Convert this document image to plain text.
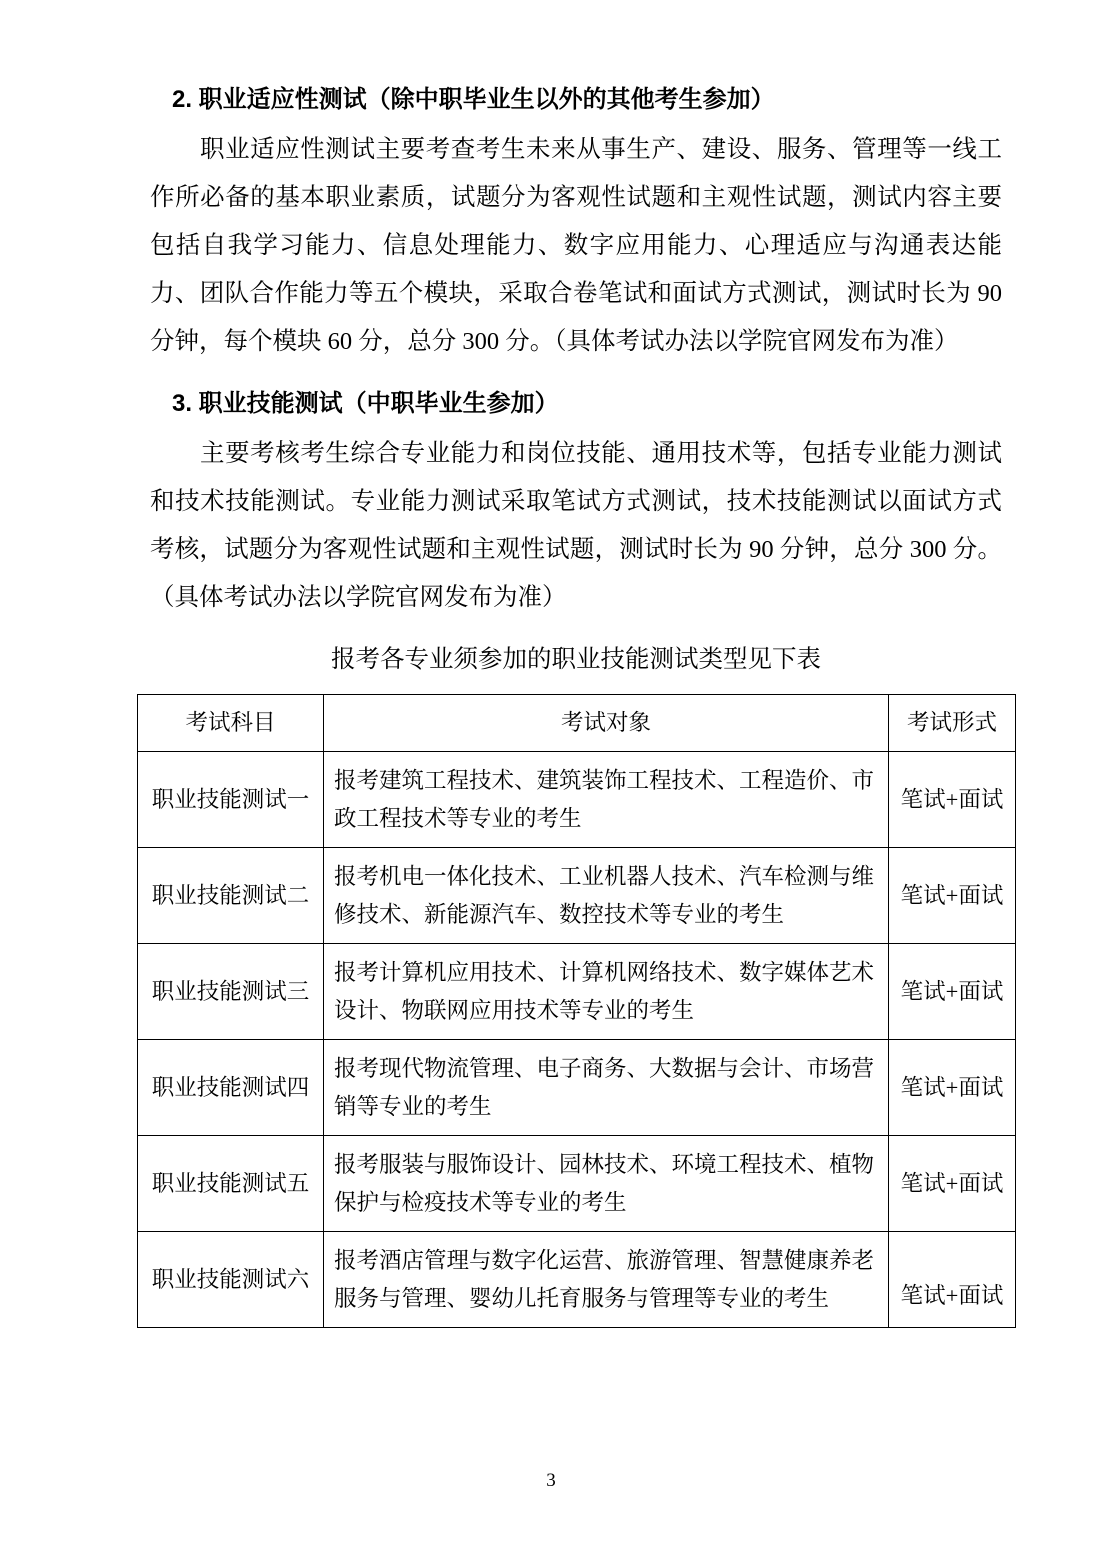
2. 职业适应性测试（除中职毕业生以外的其他考生参加）

职业适应性测试主要考查考生未来从事生产、建设、服务、管理等一线工作所必备的基本职业素质，试题分为客观性试题和主观性试题，测试内容主要包括自我学习能力、信息处理能力、数字应用能力、心理适应与沟通表达能力、团队合作能力等五个模块，采取合卷笔试和面试方式测试，测试时长为 90 分钟，每个模块 60 分，总分 300 分。（具体考试办法以学院官网发布为准）

3. 职业技能测试（中职毕业生参加）

主要考核考生综合专业能力和岗位技能、通用技术等，包括专业能力测试和技术技能测试。专业能力测试采取笔试方式测试，技术技能测试以面试方式考核，试题分为客观性试题和主观性试题，测试时长为 90 分钟，总分 300 分。（具体考试办法以学院官网发布为准）

报考各专业须参加的职业技能测试类型见下表
考试科目	考试对象	考试形式
职业技能测试一	报考建筑工程技术、建筑装饰工程技术、工程造价、市政工程技术等专业的考生	笔试+面试
职业技能测试二	报考机电一体化技术、工业机器人技术、汽车检测与维修技术、新能源汽车、数控技术等专业的考生	笔试+面试
职业技能测试三	报考计算机应用技术、计算机网络技术、数字媒体艺术设计、物联网应用技术等专业的考生	笔试+面试
职业技能测试四	报考现代物流管理、电子商务、大数据与会计、市场营销等专业的考生	笔试+面试
职业技能测试五	报考服装与服饰设计、园林技术、环境工程技术、植物保护与检疫技术等专业的考生	笔试+面试
职业技能测试六	报考酒店管理与数字化运营、旅游管理、智慧健康养老服务与管理、婴幼儿托育服务与管理等专业的考生	笔试+面试
3
